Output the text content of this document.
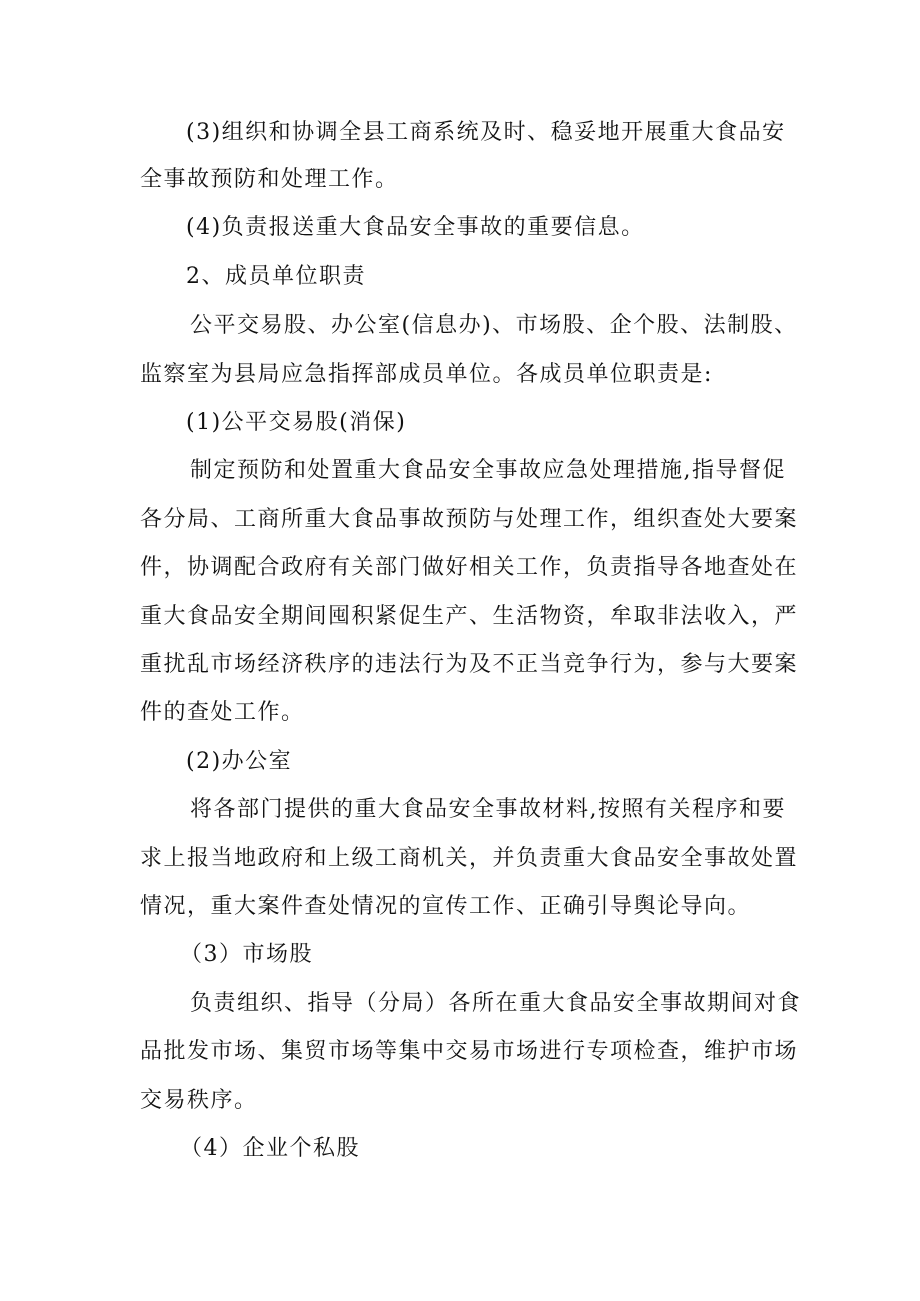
(3)组织和协调全县工商系统及时、稳妥地开展重大食品安
全事故预防和处理工作。
(4)负责报送重大食品安全事故的重要信息。
2、成员单位职责
公平交易股、办公室(信息办)、市场股、企个股、法制股、
监察室为县局应急指挥部成员单位。各成员单位职责是:
(1)公平交易股(消保)
制定预防和处置重大食品安全事故应急处理措施,指导督促
各分局、工商所重大食品事故预防与处理工作，组织查处大要案
件，协调配合政府有关部门做好相关工作，负责指导各地查处在
重大食品安全期间囤积紧促生产、生活物资，牟取非法收入，严
重扰乱市场经济秩序的违法行为及不正当竞争行为，参与大要案
件的查处工作。
(2)办公室
将各部门提供的重大食品安全事故材料,按照有关程序和要
求上报当地政府和上级工商机关，并负责重大食品安全事故处置
情况，重大案件查处情况的宣传工作、正确引导舆论导向。
（3）市场股
负责组织、指导（分局）各所在重大食品安全事故期间对食
品批发市场、集贸市场等集中交易市场进行专项检查，维护市场
交易秩序。
（4）企业个私股
